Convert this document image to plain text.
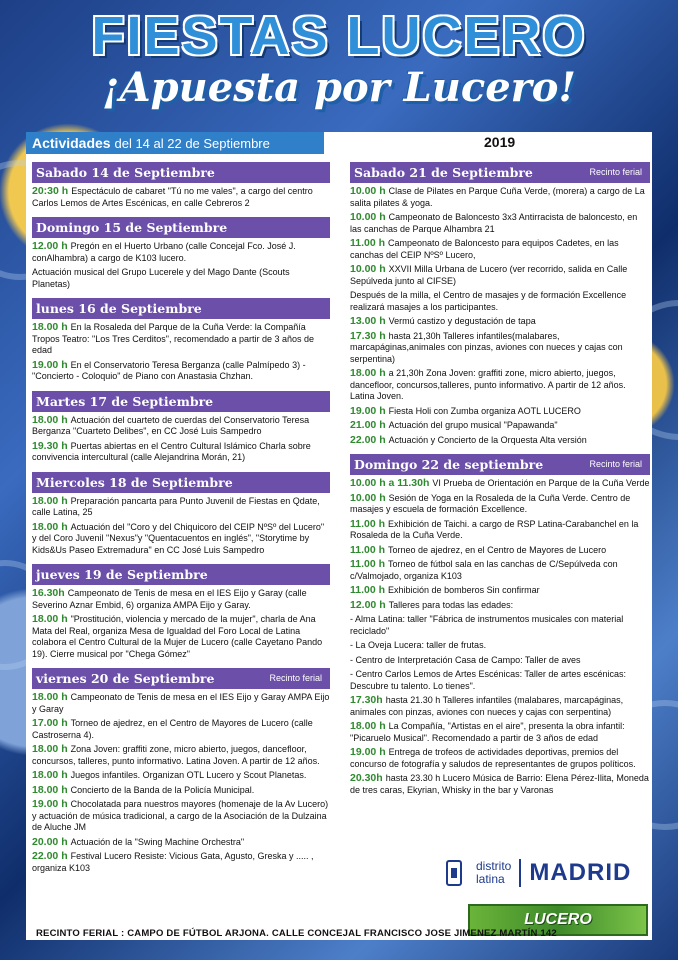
FIESTAS LUCERO
¡Apuesta por Lucero!
Actividades del 14 al 22 de Septiembre	2019
Sabado 14 de Septiembre
20:30 h Espectáculo de cabaret "Tú no me vales", a cargo del centro Carlos Lemos de Artes Escénicas, en calle Cebreros 2
Domingo 15 de Septiembre
12.00 h Pregón en el Huerto Urbano (calle Concejal Fco. José J. conAlhambra) a cargo de K103 lucero.
Actuación musical del Grupo Lucerele y del Mago Dante (Scouts Planetas)
lunes 16 de Septiembre
18.00 h En la Rosaleda del Parque de la Cuña Verde: la Compañía Tropos Teatro: "Los Tres Cerditos", recomendado a partir de 3 años de edad
19.00 h En el Conservatorio Teresa Berganza (calle Palmípedo 3) - "Concierto - Coloquio" de Piano con Anastasia Chzhan.
Martes 17 de Septiembre
18.00 h Actuación del cuarteto de cuerdas del Conservatorio Teresa Berganza "Cuarteto Delibes", en CC José Luis Sampedro
19.30 h Puertas abiertas en el Centro Cultural Islámico Charla sobre convivencia intercultural (calle Alejandrina Morán, 21)
Miercoles 18 de Septiembre
18.00 h Preparación pancarta para Punto Juvenil de Fiestas en Qdate, calle Latina, 25
18.00 h Actuación del "Coro y del Chiquicoro del CEIP NºSº del Lucero" y del Coro Juvenil "Nexus"y "Quentacuentos en inglés", "Storytime by Kids&Us Paseo Extremadura" en CC José Luis Sampedro
jueves 19 de Septiembre
16.30h Campeonato de Tenis de mesa en el IES Eijo y Garay (calle Severino Aznar Embid, 6) organiza AMPA Eijo y Garay.
18.00 h "Prostitución, violencia y mercado de la mujer", charla de Ana Mata del Real, organiza Mesa de Igualdad del Foro Local de Latina colabora el Centro Cultural de la Mujer de Lucero (calle Cayetano Pando 19). Cierre musical por "Chega Gómez"
viernes 20 de Septiembre	Recinto ferial
18.00 h Campeonato de Tenis de mesa en el IES Eijo y Garay AMPA Eijo y Garay
17.00 h Torneo de ajedrez, en el Centro de Mayores de Lucero (calle Castroserna 4).
18.00 h Zona Joven: graffiti zone, micro abierto, juegos, dancefloor, concursos, talleres, punto informativo. Latina Joven. A partir de 12 años.
18.00 h Juegos infantiles. Organizan OTL Lucero y Scout Planetas.
18.00 h Concierto de la Banda de la Policía Municipal.
19.00 h Chocolatada para nuestros mayores (homenaje de la Av Lucero) y actuación de música tradicional, a cargo de la Asociación de la Dulzaina de Aluche JM
20.00 h Actuación de la "Swing Machine Orchestra"
22.00 h Festival Lucero Resiste: Vicious Gata, Agusto, Greska y ..... , organiza K103
Sabado 21 de Septiembre	Recinto ferial
10.00 h Clase de Pilates en Parque Cuña Verde, (morera) a cargo de La salita pilates & yoga.
10.00 h Campeonato de Baloncesto 3x3 Antirracista de baloncesto, en las canchas de Parque Alhambra 21
11.00 h Campeonato de Baloncesto para equipos Cadetes, en las canchas del CEIP NºSº Lucero,
10.00 h XXVII Milla Urbana de Lucero (ver recorrido, salida en Calle Sepúlveda junto al CIFSE)
Después de la milla, el Centro de masajes y de formación Excellence realizará masajes a los participantes.
13.00 h Vermú castizo y degustación de tapa
17.30 h hasta 21,30h Talleres infantiles(malabares, marcapáginas,animales con pinzas, aviones con nueces y cajas con serpentina)
18.00 h a 21,30h Zona Joven: graffiti zone, micro abierto, juegos, dancefloor, concursos,talleres, punto informativo. A partir de 12 años. Latina Joven.
19.00 h Fiesta Holi con Zumba organiza AOTL LUCERO
21.00 h Actuación del grupo musical "Papawanda"
22.00 h Actuación y Concierto de la Orquesta Alta versión
Domingo 22 de septiembre	Recinto ferial
10.00 h a 11.30h VI Prueba de Orientación en Parque de la Cuña Verde
10.00 h Sesión de Yoga en la Rosaleda de la Cuña Verde. Centro de masajes y escuela de formación Excellence.
11.00 h Exhibición de Taichi. a cargo de RSP Latina-Carabanchel en la Rosaleda de la Cuña Verde.
11.00 h Torneo de ajedrez, en el Centro de Mayores de Lucero
11.00 h Torneo de fútbol sala en las canchas de C/Sepúlveda con c/Valmojado, organiza K103
11.00 h Exhibición de bomberos Sin confirmar
12.00 h Talleres para todas las edades:
- Alma Latina: taller "Fábrica de instrumentos musicales con material reciclado"
- La Oveja Lucera: taller de frutas.
- Centro de Interpretación Casa de Campo: Taller de aves
- Centro Carlos Lemos de Artes Escénicas: Taller de artes escénicas: Descubre tu talento. Lo tienes".
17.30h hasta 21.30 h Talleres infantiles (malabares, marcapáginas, animales con pinzas, aviones con nueces y cajas con serpentina)
18.00 h La Compañía, "Artistas en el aire", presenta la obra infantil: "Picaruelo Musical". Recomendado a partir de 3 años de edad
19.00 h Entrega de trofeos de actividades deportivas, premios del concurso de fotografía y saludos de representantes de grupos políticos.
20.30h hasta 23.30 h Lucero Música de Barrio: Elena Pérez-Ilita, Moneda de tres caras, Ekyrian, Whisky in the bar y Varonas
distrito
latina MADRID
LUCERO
RECINTO FERIAL : CAMPO DE FÚTBOL ARJONA. CALLE CONCEJAL FRANCISCO JOSE JIMENEZ MARTÍN 142
